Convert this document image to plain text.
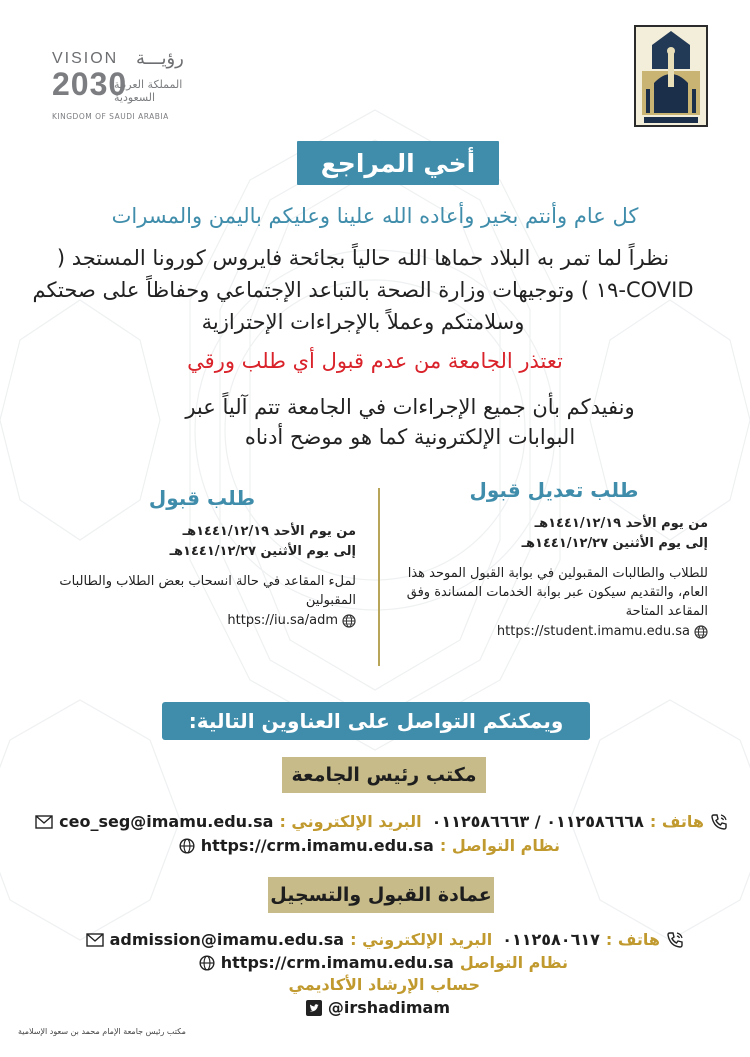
VISION رؤيـــة
2030
المملكة العربية السعودية
KINGDOM OF SAUDI ARABIA
أخي المراجع
كل عام وأنتم بخير وأعاده الله علينا وعليكم باليمن والمسرات
نظراً لما تمر به البلاد حماها الله حالياً بجائحة فايروس كورونا المستجد ( COVID-١٩ ) وتوجيهات وزارة الصحة بالتباعد الإجتماعي وحفاظاً على صحتكم وسلامتكم وعملاً بالإجراءات الإحترازية
تعتذر الجامعة من عدم قبول أي طلب ورقي
ونفيدكم بأن جميع الإجراءات في الجامعة تتم آلياً عبر البوابات الإلكترونية كما هو موضح أدناه
طلب تعديل قبول
من يوم الأحد ١٤٤١/١٢/١٩هـ
إلى يوم الأثنين ١٤٤١/١٢/٢٧هـ
للطلاب والطالبات المقبولين في بوابة القبول الموحد هذا العام، والتقديم سيكون عبر بوابة الخدمات المساندة وفق المقاعد المتاحة
https://student.imamu.edu.sa
طلب قبول
من يوم الأحد ١٤٤١/١٢/١٩هـ
إلى يوم الأثنين ١٤٤١/١٢/٢٧هـ
لملء المقاعد في حالة انسحاب بعض الطلاب والطالبات المقبولين
https://iu.sa/adm
ويمكنكم التواصل على العناوين التالية:
مكتب رئيس الجامعة
هاتف :
٠١١٢٥٨٦٦٦٨ / ٠١١٢٥٨٦٦٦٣
البريد الإلكتروني :
ceo_seg@imamu.edu.sa
نظام التواصل :
https://crm.imamu.edu.sa
عمادة القبول والتسجيل
هاتف :
٠١١٢٥٨٠٦١٧
البريد الإلكتروني :
admission@imamu.edu.sa
نظام التواصل
https://crm.imamu.edu.sa
حساب الإرشاد الأكاديمي
@irshadimam
مكتب رئيس جامعة الإمام محمد بن سعود الإسلامية
